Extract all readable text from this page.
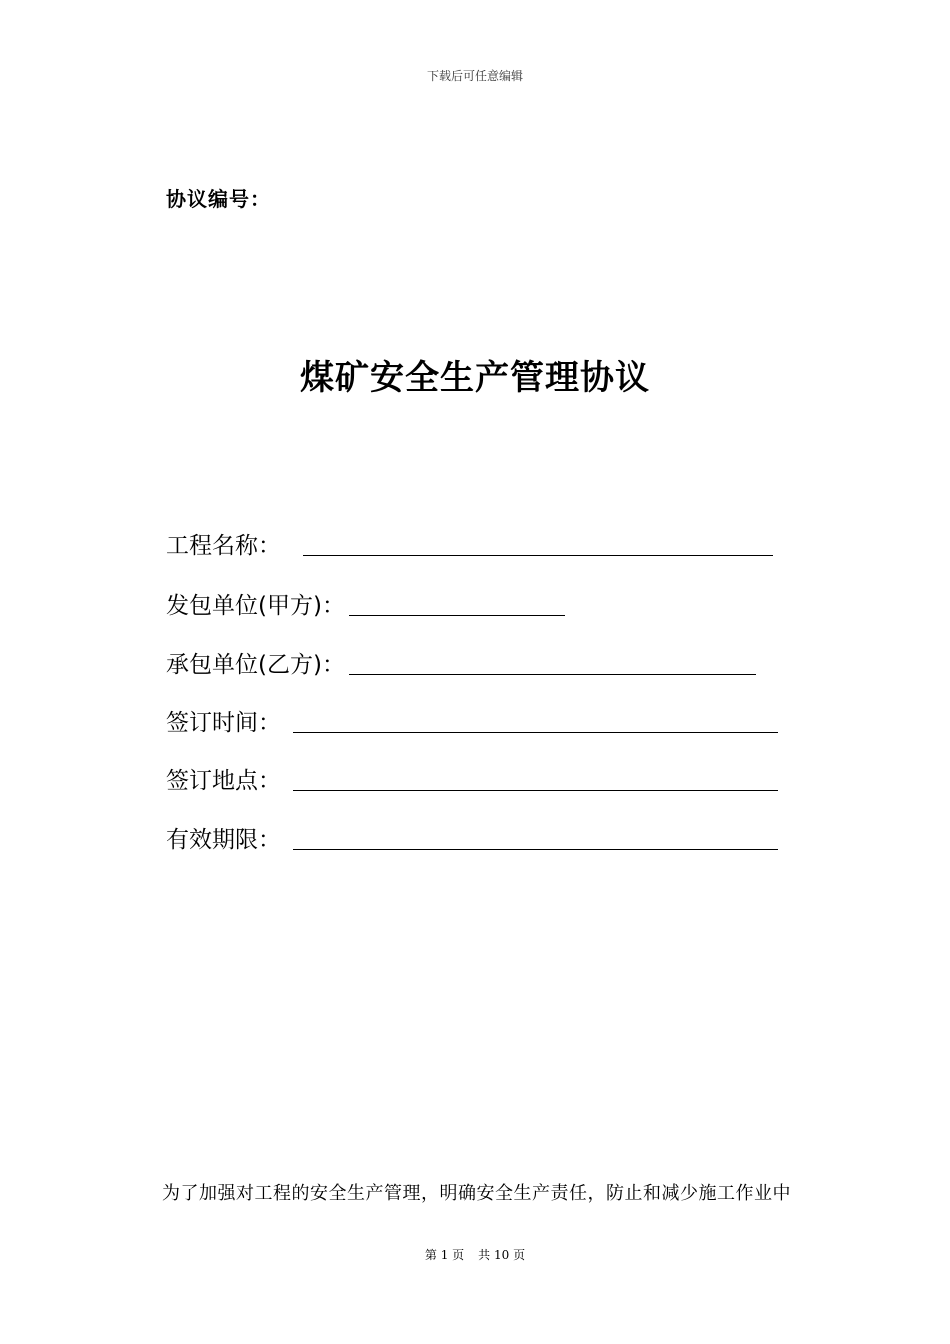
下载后可任意编辑
协议编号：
煤矿安全生产管理协议
工程名称：
发包单位(甲方)：
承包单位(乙方)：
签订时间：
签订地点：
有效期限：
为了加强对工程的安全生产管理，明确安全生产责任，防止和减少施工作业中
第 1 页 共 10 页
